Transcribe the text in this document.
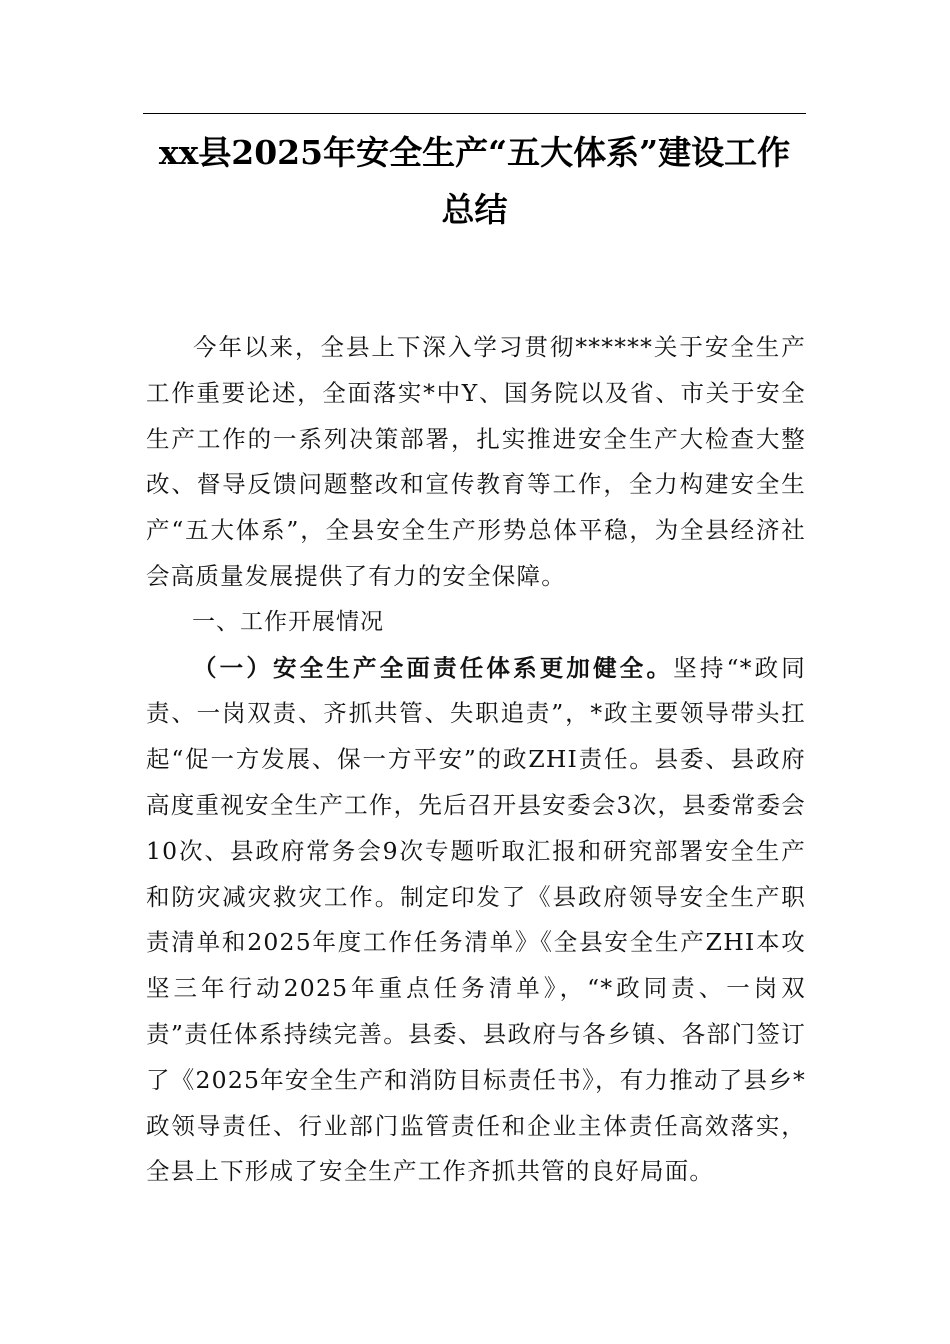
xx县2025年安全生产“五大体系”建设工作总结

今年以来，全县上下深入学习贯彻******关于安全生产工作重要论述，全面落实*中Y、国务院以及省、市关于安全生产工作的一系列决策部署，扎实推进安全生产大检查大整改、督导反馈问题整改和宣传教育等工作，全力构建安全生产“五大体系”，全县安全生产形势总体平稳，为全县经济社会高质量发展提供了有力的安全保障。

一、工作开展情况

（一）安全生产全面责任体系更加健全。坚持“*政同责、一岗双责、齐抓共管、失职追责”，*政主要领导带头扛起“促一方发展、保一方平安”的政ZHI责任。县委、县政府高度重视安全生产工作，先后召开县安委会3次，县委常委会10次、县政府常务会9次专题听取汇报和研究部署安全生产和防灾减灾救灾工作。制定印发了《县政府领导安全生产职责清单和2025年度工作任务清单》《全县安全生产ZHI本攻坚三年行动2025年重点任务清单》，“*政同责、一岗双责”责任体系持续完善。县委、县政府与各乡镇、各部门签订了《2025年安全生产和消防目标责任书》，有力推动了县乡*政领导责任、行业部门监管责任和企业主体责任高效落实，全县上下形成了安全生产工作齐抓共管的良好局面。
